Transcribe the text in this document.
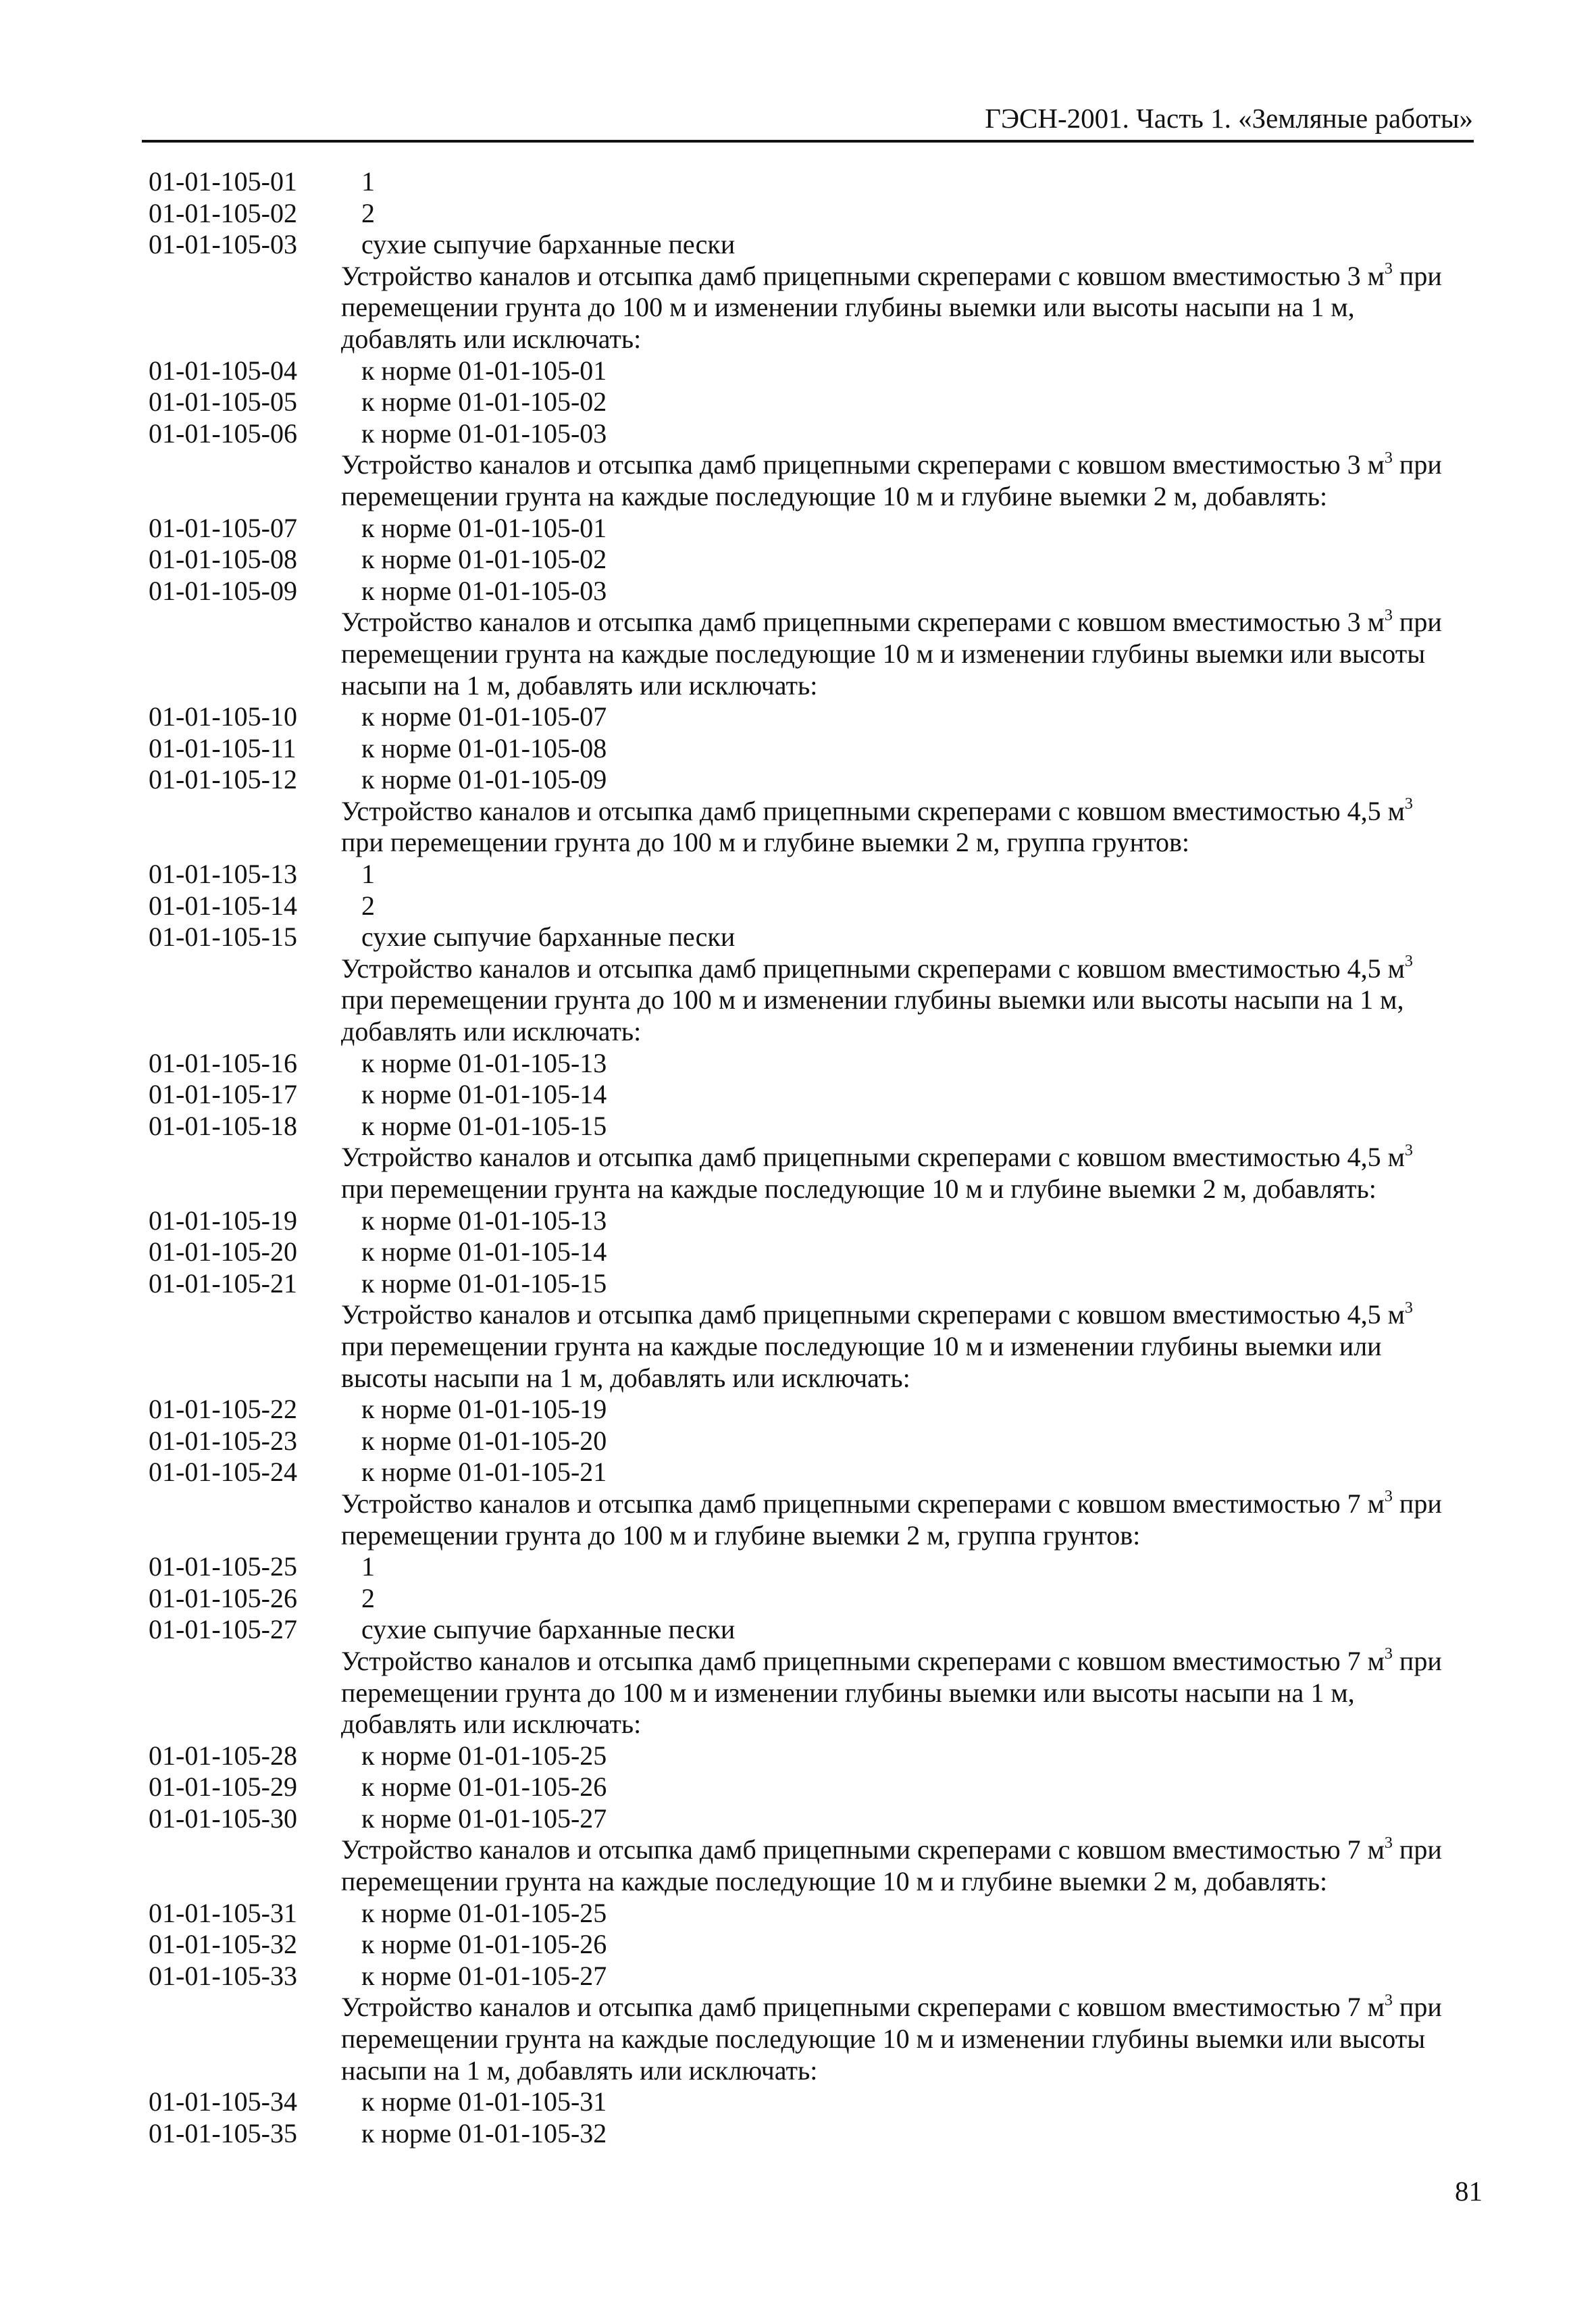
ГЭСН-2001. Часть 1. «Земляные работы»
01-01-105-01 1
01-01-105-02 2
01-01-105-03 сухие сыпучие барханные пески
Устройство каналов и отсыпка дамб прицепными скреперами с ковшом вместимостью 3 $м^3$ при
перемещении грунта до 100 м и изменении глубины выемки или высоты насыпи на 1 м,
добавлять или исключать:
01-01-105-04 к норме 01-01-105-01
01-01-105-05 к норме 01-01-105-02
01-01-105-06 к норме 01-01-105-03
Устройство каналов и отсыпка дамб прицепными скреперами с ковшом вместимостью 3 $м^3$ при
перемещении грунта на каждые последующие 10 м и глубине выемки 2 м, добавлять:
01-01-105-07 к норме 01-01-105-01
01-01-105-08 к норме 01-01-105-02
01-01-105-09 к норме 01-01-105-03
Устройство каналов и отсыпка дамб прицепными скреперами с ковшом вместимостью 3 $м^3$ при
перемещении грунта на каждые последующие 10 м и изменении глубины выемки или высоты
насыпи на 1 м, добавлять или исключать:
01-01-105-10 к норме 01-01-105-07
01-01-105-11 к норме 01-01-105-08
01-01-105-12 к норме 01-01-105-09
Устройство каналов и отсыпка дамб прицепными скреперами с ковшом вместимостью 4,5 $м^3$
при перемещении грунта до 100 м и глубине выемки 2 м, группа грунтов:
01-01-105-13 1
01-01-105-14 2
01-01-105-15 сухие сыпучие барханные пески
Устройство каналов и отсыпка дамб прицепными скреперами с ковшом вместимостью 4,5 $м^3$
при перемещении грунта до 100 м и изменении глубины выемки или высоты насыпи на 1 м,
добавлять или исключать:
01-01-105-16 к норме 01-01-105-13
01-01-105-17 к норме 01-01-105-14
01-01-105-18 к норме 01-01-105-15
Устройство каналов и отсыпка дамб прицепными скреперами с ковшом вместимостью 4,5 $м^3$
при перемещении грунта на каждые последующие 10 м и глубине выемки 2 м, добавлять:
01-01-105-19 к норме 01-01-105-13
01-01-105-20 к норме 01-01-105-14
01-01-105-21 к норме 01-01-105-15
Устройство каналов и отсыпка дамб прицепными скреперами с ковшом вместимостью 4,5 $м^3$
при перемещении грунта на каждые последующие 10 м и изменении глубины выемки или
высоты насыпи на 1 м, добавлять или исключать:
01-01-105-22 к норме 01-01-105-19
01-01-105-23 к норме 01-01-105-20
01-01-105-24 к норме 01-01-105-21
Устройство каналов и отсыпка дамб прицепными скреперами с ковшом вместимостью 7 $м^3$ при
перемещении грунта до 100 м и глубине выемки 2 м, группа грунтов:
01-01-105-25 1
01-01-105-26 2
01-01-105-27 сухие сыпучие барханные пески
Устройство каналов и отсыпка дамб прицепными скреперами с ковшом вместимостью 7 $м^3$ при
перемещении грунта до 100 м и изменении глубины выемки или высоты насыпи на 1 м,
добавлять или исключать:
01-01-105-28 к норме 01-01-105-25
01-01-105-29 к норме 01-01-105-26
01-01-105-30 к норме 01-01-105-27
Устройство каналов и отсыпка дамб прицепными скреперами с ковшом вместимостью 7 $м^3$ при
перемещении грунта на каждые последующие 10 м и глубине выемки 2 м, добавлять:
01-01-105-31 к норме 01-01-105-25
01-01-105-32 к норме 01-01-105-26
01-01-105-33 к норме 01-01-105-27
Устройство каналов и отсыпка дамб прицепными скреперами с ковшом вместимостью 7 $м^3$ при
перемещении грунта на каждые последующие 10 м и изменении глубины выемки или высоты
насыпи на 1 м, добавлять или исключать:
01-01-105-34 к норме 01-01-105-31
01-01-105-35 к норме 01-01-105-32
81
